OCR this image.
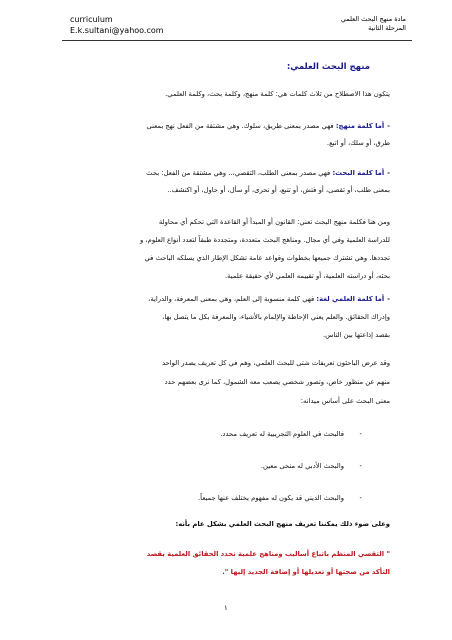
curriculum
E.k.sultani@yahoo.com
مادة منهج البحث العلمي
المرحلة الثانية
منهج البحث العلمي:
يتكون هذا الاصطلاح من ثلاث كلمات هي: كلمة منهج، وكلمة بحث، وكلمة العلمي.
-أما كلمة منهج: فهي مصدر بمعنى طريق، سلوك. وهي مشتقة من الفعل نهج بمعنى
طرق، أو سلك، أو اتبع.
-أما كلمة البحث: فهي مصدر بمعنى الطلب، التقصي،.. وهي مشتقة من الفعل: بحث
بمعنى طلب، أو تقصى، أو فتش، أو تتبع، أو تحرى، أو سأل، أو حاول، أو اكتشف..
ومن هنا فكلمة منهج البحث تعني: القانون أو المبدأ أو القاعدة التي تحكم أي محاولة
للدراسة العلمية وفي أي مجال. ومناهج البحث متعددة، ومتجددة طبقاً لتعدد أنواع العلوم، و
تجددها. وهي تشترك جميعها بخطوات وقواعد عامة تشكل الإطار الذي يسلكه الباحث في
بحثه، أو دراسته العلمية، أو تقييمه العلمي لأي حقيقة علمية.
-أما كلمة العلمي لغة: فهي كلمة منسوبة إلى العلم، وهي بمعنى المعرفة، والدراية،
وإدراك الحقائق. والعلم يعني الإحاطة والإلمام بالأشياء، والمعرفة بكل ما يتصل بها،
بقصد إذاعتها بين الناس.
وقد عرض الباحثون تعريفات شتى للبحث العلمي، وهم في كل تعريف يصدر الواحد
منهم عن منظور خاص، وتصور شخصي يصعب معه الشمول، كما نرى بعضهم حدد
معنى البحث على أساس ميدانه:
-
فالبحث في العلوم التجريبية له تعريف محدد.
-
والبحث الأدبي له منحى معين.
-
والبحث الديني قد يكون له مفهوم يختلف عنها جميعاً.
وعلى ضوء ذلك يمكننا تعريف منهج البحث العلمي بشكل عام بأنه:
" التقصي المنظم باتباع أساليب ومناهج علمية تحدد الحقائق العلمية بقصد
التأكد من صحتها أو تعديلها أو إضافة الجديد إليها ".
١
